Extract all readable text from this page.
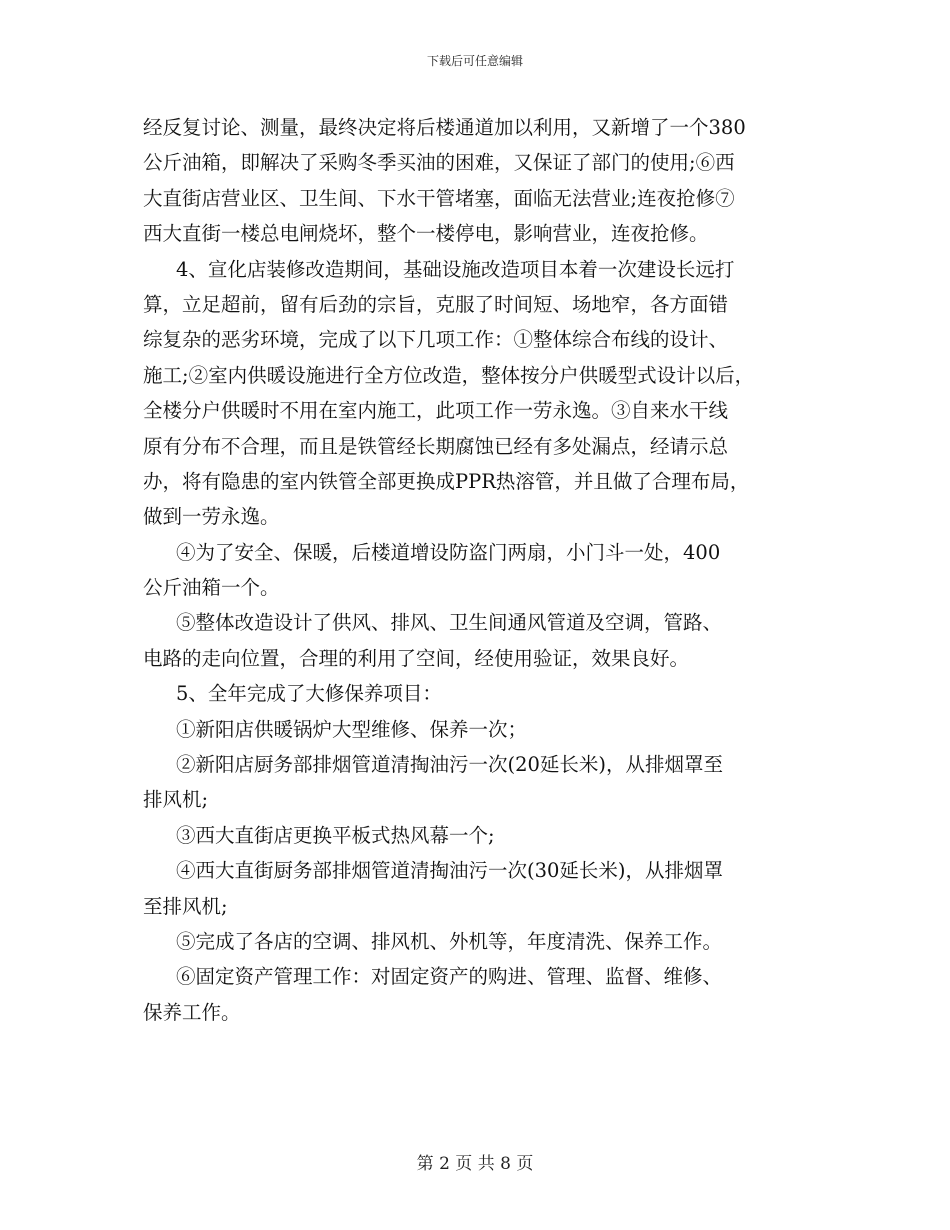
下载后可任意编辑
经反复讨论、测量，最终决定将后楼通道加以利用，又新增了一个380
公斤油箱，即解决了采购冬季买油的困难，又保证了部门的使用;⑥西
大直街店营业区、卫生间、下水干管堵塞，面临无法营业;连夜抢修⑦
西大直街一楼总电闸烧坏，整个一楼停电，影响营业，连夜抢修。
4、宣化店装修改造期间，基础设施改造项目本着一次建设长远打
算，立足超前，留有后劲的宗旨，克服了时间短、场地窄，各方面错
综复杂的恶劣环境，完成了以下几项工作：①整体综合布线的设计、
施工;②室内供暖设施进行全方位改造，整体按分户供暖型式设计以后，
全楼分户供暖时不用在室内施工，此项工作一劳永逸。③自来水干线
原有分布不合理，而且是铁管经长期腐蚀已经有多处漏点，经请示总
办，将有隐患的室内铁管全部更换成PPR热溶管，并且做了合理布局，
做到一劳永逸。
④为了安全、保暖，后楼道增设防盗门两扇，小门斗一处，400
公斤油箱一个。
⑤整体改造设计了供风、排风、卫生间通风管道及空调，管路、
电路的走向位置，合理的利用了空间，经使用验证，效果良好。
5、全年完成了大修保养项目：
①新阳店供暖锅炉大型维修、保养一次；
②新阳店厨务部排烟管道清掏油污一次(20延长米)，从排烟罩至
排风机;
③西大直街店更换平板式热风幕一个;
④西大直街厨务部排烟管道清掏油污一次(30延长米)，从排烟罩
至排风机;
⑤完成了各店的空调、排风机、外机等，年度清洗、保养工作。
⑥固定资产管理工作：对固定资产的购进、管理、监督、维修、
保养工作。
第 2 页 共 8 页
